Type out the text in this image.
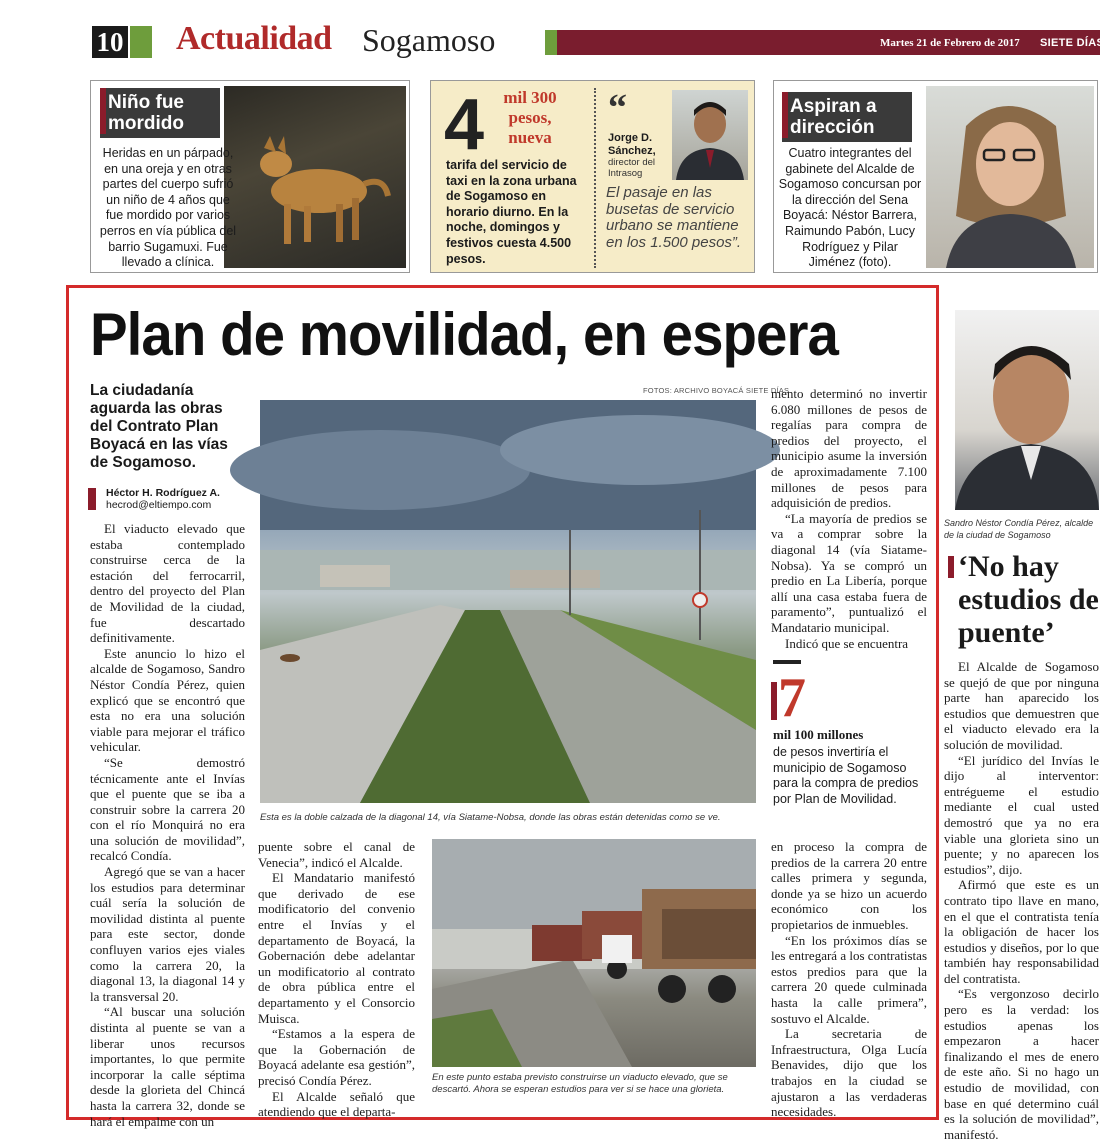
10 Actualidad Sogamoso	Martes 21 de Febrero de 2017 SIETE DÍAS
Niño fue mordido
Heridas en un párpado, en una oreja y en otras partes del cuerpo sufrió un niño de 4 años que fue mordido por varios perros en vía pública del barrio Sugamuxi. Fue llevado a clínica.
4	mil 300 pesos, nueva
tarifa del servicio de taxi en la zona urbana de Sogamoso en horario diurno. En la noche, domingos y festivos cuesta 4.500 pesos.
“
Jorge D. Sánchez,
director del Intrasog
El pasaje en las busetas de servicio urbano se mantiene en los 1.500 pesos”.
Aspiran a dirección
Cuatro integrantes del gabinete del Alcalde de Sogamoso concursan por la dirección del Sena Boyacá: Néstor Barrera, Raimundo Pabón, Lucy Rodríguez y Pilar Jiménez (foto).
Plan de movilidad, en espera
La ciudadanía aguarda las obras del Contrato Plan Boyacá en las vías de Sogamoso.
Héctor H. Rodríguez A.
hecrod@eltiempo.com

El viaducto elevado que estaba contemplado construirse cerca de la estación del ferrocarril, dentro del proyecto del Plan de Movilidad de la ciudad, fue descartado definitivamente.

Este anuncio lo hizo el alcalde de Sogamoso, Sandro Néstor Condía Pérez, quien explicó que se encontró que esta no era una solución viable para mejorar el tráfico vehicular.

“Se demostró técnicamente ante el Invías que el puente que se iba a construir sobre la carrera 20 con el río Monquirá no era una solución de movilidad”, recalcó Condía.

Agregó que se van a hacer los estudios para determinar cuál sería la solución de movilidad distinta al puente para este sector, donde confluyen varios ejes viales como la carrera 20, la diagonal 13, la diagonal 14 y la transversal 20.

“Al buscar una solución distinta al puente se van a liberar unos recursos importantes, lo que permite incorporar la calle séptima desde la glorieta del Chincá hasta la carrera 32, donde se hará el empalme con un

FOTOS: ARCHIVO BOYACÁ SIETE DÍAS
Esta es la doble calzada de la diagonal 14, vía Siatame-Nobsa, donde las obras están detenidas como se ve.

puente sobre el canal de Venecia”, indicó el Alcalde.

El Mandatario manifestó que derivado de ese modificatorio del convenio entre el Invías y el departamento de Boyacá, la Gobernación debe adelantar un modificatorio al contrato de obra pública entre el departamento y el Consorcio Muisca.

“Estamos a la espera de que la Gobernación de Boyacá adelante esa gestión”, precisó Condía Pérez.

El Alcalde señaló que atendiendo que el departa-

En este punto estaba previsto construirse un viaducto elevado, que se descartó. Ahora se esperan estudios para ver si se hace una glorieta.

mento determinó no invertir 6.080 millones de pesos de regalías para compra de predios del proyecto, el municipio asume la inversión de aproximadamente 7.100 millones de pesos para adquisición de predios.

“La mayoría de predios se va a comprar sobre la diagonal 14 (vía Siatame-Nobsa). Ya se compró un predio en La Libería, porque allí una casa estaba fuera de paramento”, puntualizó el Mandatario municipal.

Indicó que se encuentra

7
mil 100 millones
de pesos invertiría el municipio de Sogamoso para la compra de predios por Plan de Movilidad.

en proceso la compra de predios de la carrera 20 entre calles primera y segunda, donde ya se hizo un acuerdo económico con los propietarios de inmuebles.

“En los próximos días se les entregará a los contratistas estos predios para que la carrera 20 quede culminada hasta la calle primera”, sostuvo el Alcalde.

La secretaria de Infraestructura, Olga Lucía Benavides, dijo que los trabajos en la ciudad se ajustaron a las verdaderas necesidades.

Sandro Néstor Condía Pérez, alcalde de la ciudad de Sogamoso
‘No hay estudios de puente’

El Alcalde de Sogamoso se quejó de que por ninguna parte han aparecido los estudios que demuestren que el viaducto elevado era la solución de movilidad.

“El jurídico del Invías le dijo al interventor: entrégueme el estudio mediante el cual usted demostró que ya no era viable una glorieta sino un puente; y no aparecen los estudios”, dijo.

Afirmó que este es un contrato tipo llave en mano, en el que el contratista tenía la obligación de hacer los estudios y diseños, por lo que también hay responsabilidad del contratista.

“Es vergonzoso decirlo pero es la verdad: los estudios apenas los empezaron a hacer finalizando el mes de enero de este año. Si no hago un estudio de movilidad, con base en qué determino cuál es la solución de movilidad”, manifestó.
